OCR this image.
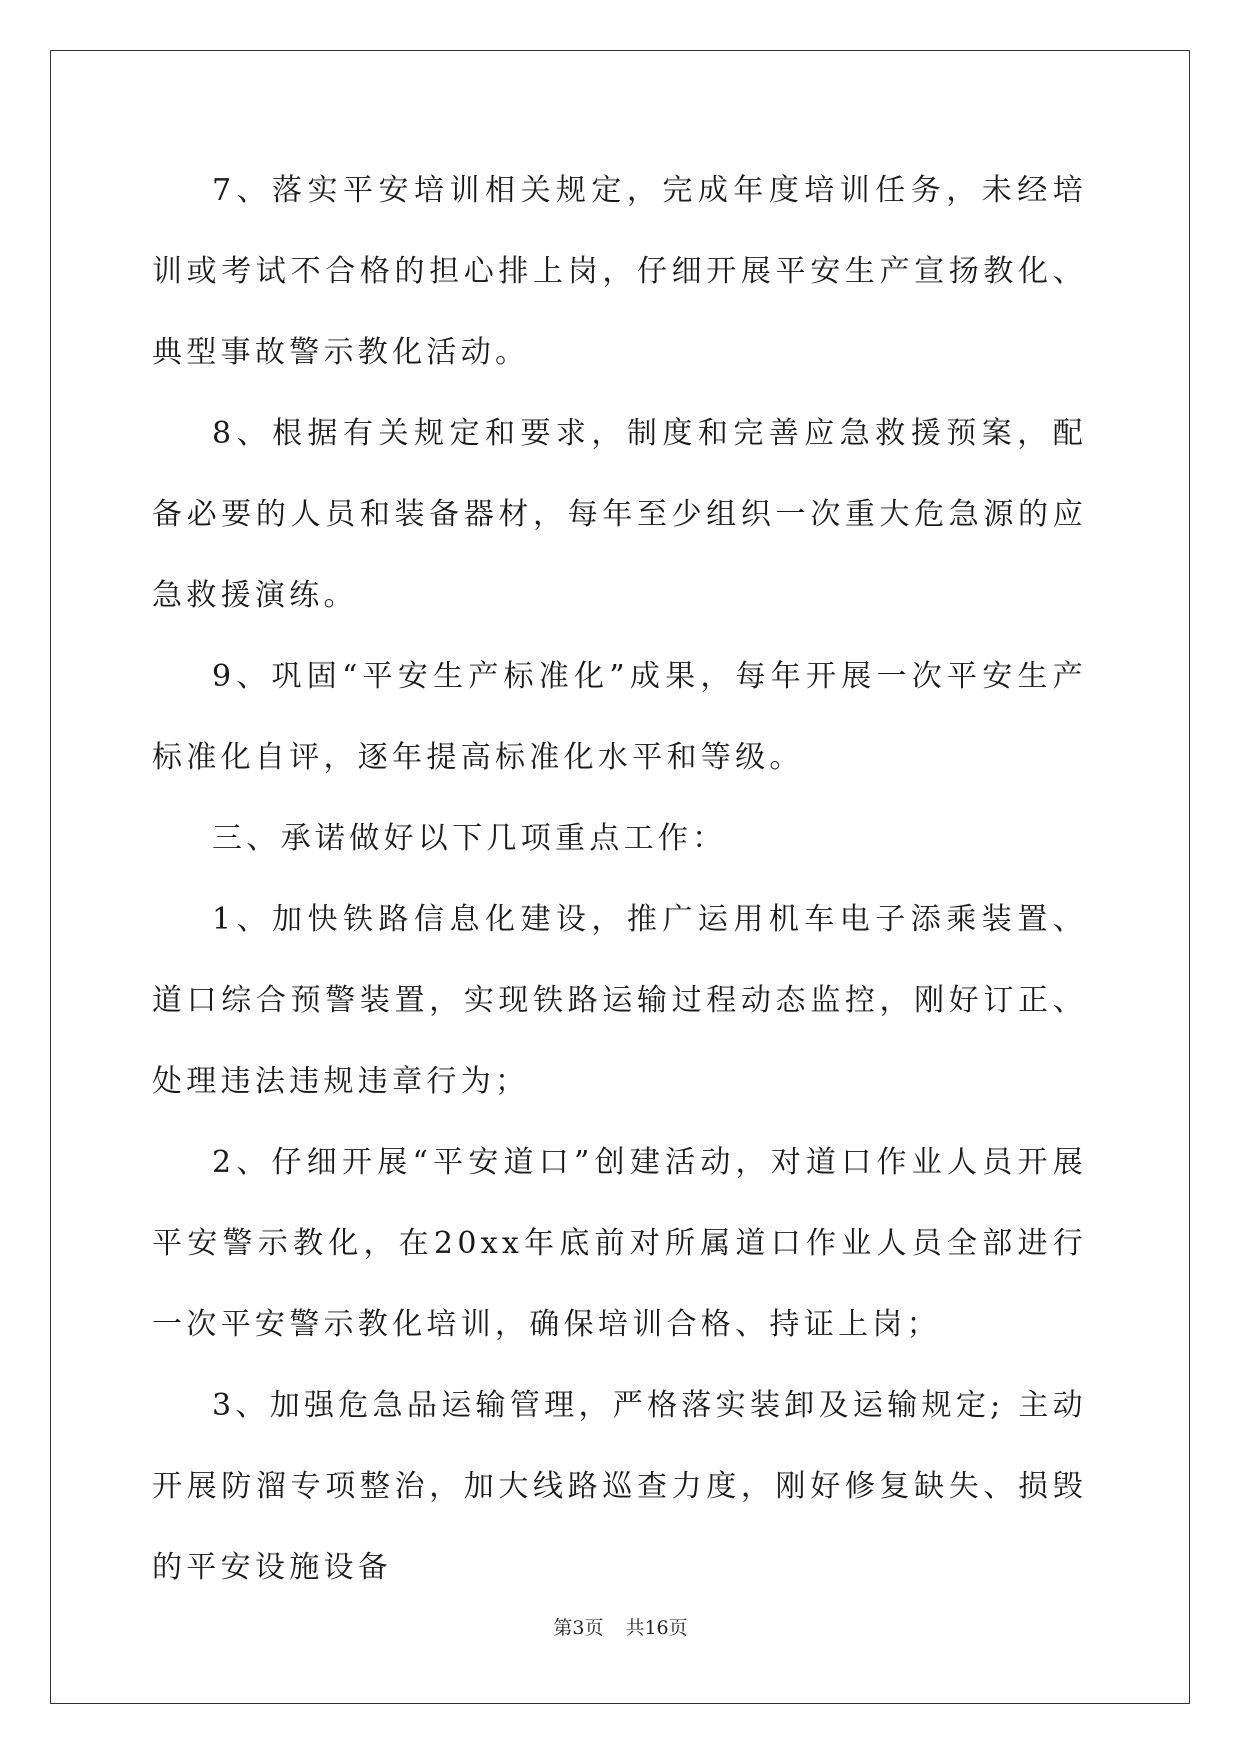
7、落实平安培训相关规定，完成年度培训任务，未经培训或考试不合格的担心排上岗，仔细开展平安生产宣扬教化、典型事故警示教化活动。

8、根据有关规定和要求，制度和完善应急救援预案，配备必要的人员和装备器材，每年至少组织一次重大危急源的应急救援演练。

9、巩固“平安生产标准化”成果，每年开展一次平安生产标准化自评，逐年提高标准化水平和等级。

三、承诺做好以下几项重点工作：

1、加快铁路信息化建设，推广运用机车电子添乘装置、道口综合预警装置，实现铁路运输过程动态监控，刚好订正、处理违法违规违章行为；

2、仔细开展“平安道口”创建活动，对道口作业人员开展平安警示教化，在20xx年底前对所属道口作业人员全部进行一次平安警示教化培训，确保培训合格、持证上岗；

3、加强危急品运输管理，严格落实装卸及运输规定; 主动开展防溜专项整治，加大线路巡查力度，刚好修复缺失、损毁的平安设施设备

第3页 共16页
